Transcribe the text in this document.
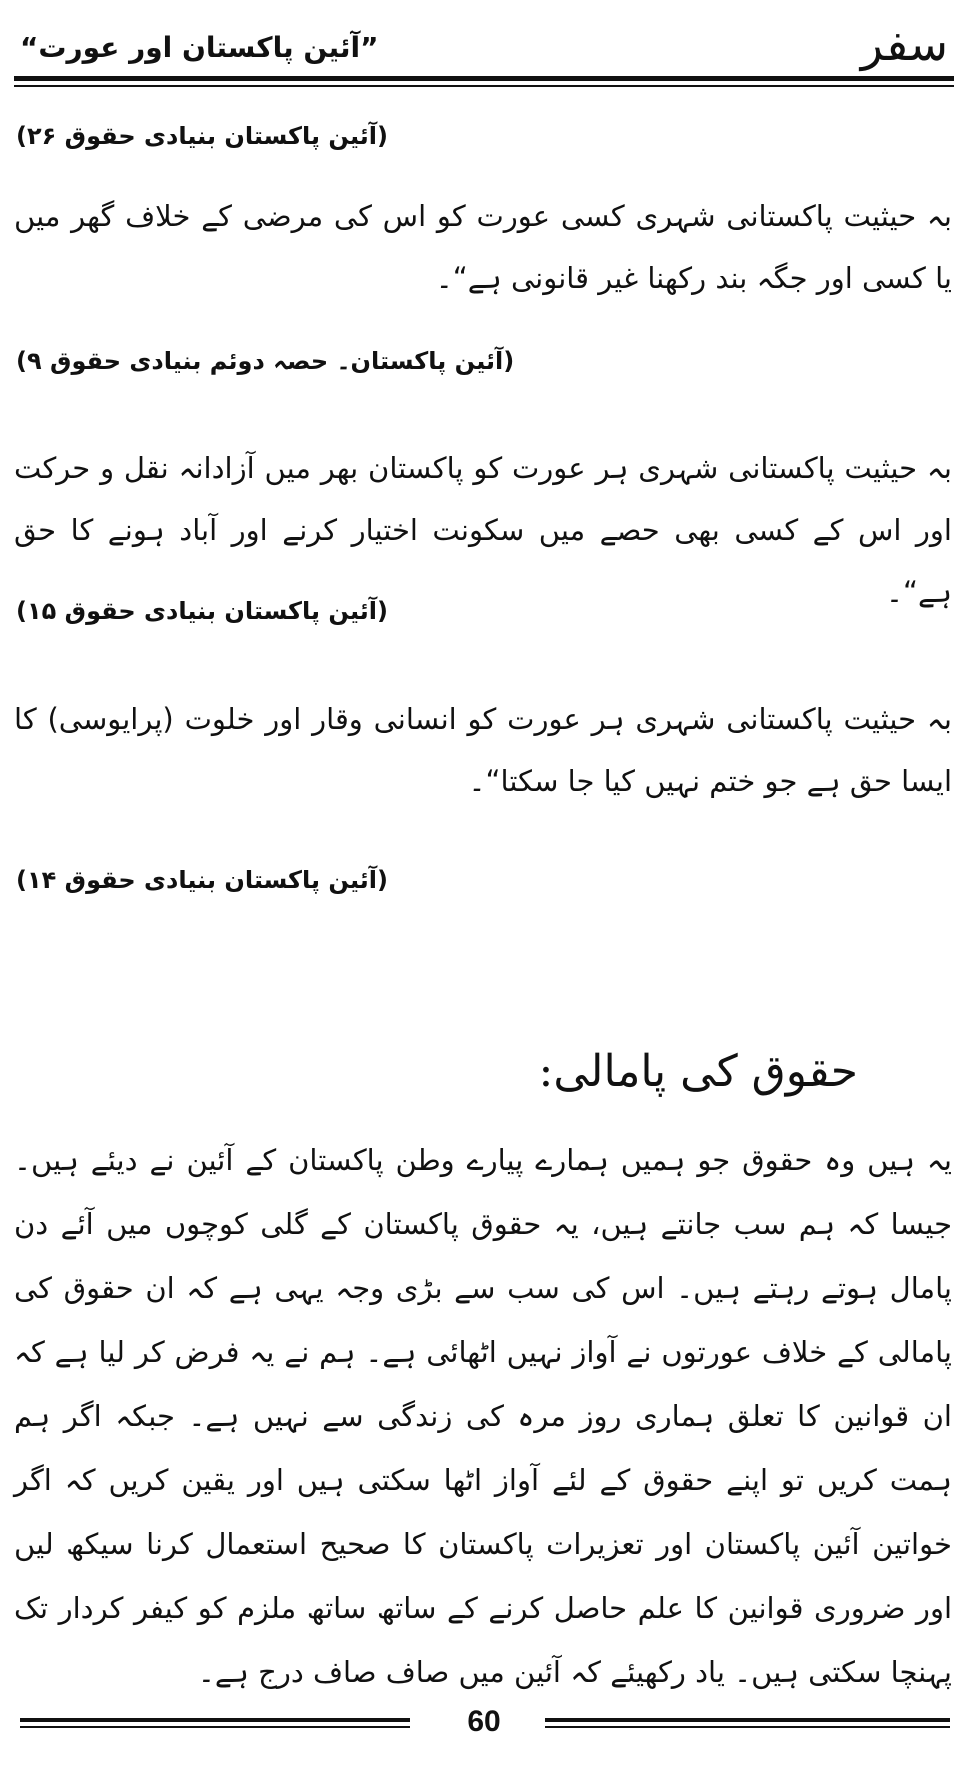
سفر
”آئین پاکستان اور عورت“
(آئین پاکستان بنیادی حقوق ۲۶)
بہ حیثیت پاکستانی شہری کسی عورت کو اس کی مرضی کے خلاف گھر میں یا کسی اور جگہ بند رکھنا غیر قانونی ہے“۔
(آئین پاکستان۔ حصہ دوئم بنیادی حقوق ۹)
بہ حیثیت پاکستانی شہری ہر عورت کو پاکستان بھر میں آزادانہ نقل و حرکت اور اس کے کسی بھی حصے میں سکونت اختیار کرنے اور آباد ہونے کا حق ہے“۔
(آئین پاکستان بنیادی حقوق ۱۵)
بہ حیثیت پاکستانی شہری ہر عورت کو انسانی وقار اور خلوت (پرایوسی) کا ایسا حق ہے جو ختم نہیں کیا جا سکتا“۔
(آئین پاکستان بنیادی حقوق ۱۴)
حقوق کی پامالی:
یہ ہیں وہ حقوق جو ہمیں ہمارے پیارے وطن پاکستان کے آئین نے دیئے ہیں۔ جیسا کہ ہم سب جانتے ہیں، یہ حقوق پاکستان کے گلی کوچوں میں آئے دن پامال ہوتے رہتے ہیں۔ اس کی سب سے بڑی وجہ یہی ہے کہ ان حقوق کی پامالی کے خلاف عورتوں نے آواز نہیں اٹھائی ہے۔ ہم نے یہ فرض کر لیا ہے کہ ان قوانین کا تعلق ہماری روز مرہ کی زندگی سے نہیں ہے۔ جبکہ اگر ہم ہمت کریں تو اپنے حقوق کے لئے آواز اٹھا سکتی ہیں اور یقین کریں کہ اگر خواتین آئین پاکستان اور تعزیرات پاکستان کا صحیح استعمال کرنا سیکھ لیں اور ضروری قوانین کا علم حاصل کرنے کے ساتھ ساتھ ملزم کو کیفر کردار تک پہنچا سکتی ہیں۔ یاد رکھیئے کہ آئین میں صاف صاف درج ہے۔
60
